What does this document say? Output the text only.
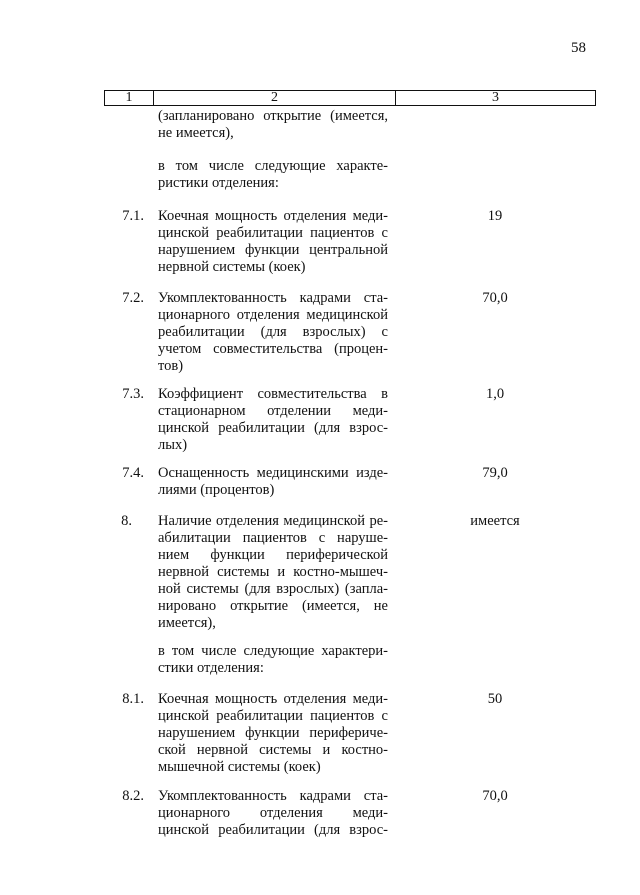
58
1	2	3
(запланировано открытие (имеется,
не имеется),
в том числе следующие характе-
ристики отделения:
7.1. Коечная мощность отделения меди-
цинской реабилитации пациентов с
нарушением функции центральной
нервной системы (коек)
19
7.2. Укомплектованность кадрами ста-
ционарного отделения медицинской
реабилитации (для взрослых) с
учетом совместительства (процен-
тов)
70,0
7.3. Коэффициент совместительства в
стационарном отделении меди-
цинской реабилитации (для взрос-
лых)
1,0
7.4. Оснащенность медицинскими изде-
лиями (процентов)
79,0
8. Наличие отделения медицинской ре-
абилитации пациентов с наруше-
нием функции периферической
нервной системы и костно-мышеч-
ной системы (для взрослых) (запла-
нировано открытие (имеется, не
имеется),
имеется
в том числе следующие характери-
стики отделения:
8.1. Коечная мощность отделения меди-
цинской реабилитации пациентов с
нарушением функции перифериче-
ской нервной системы и костно-
мышечной системы (коек)
50
8.2. Укомплектованность кадрами ста-
ционарного отделения меди-
цинской реабилитации (для взрос-
70,0
